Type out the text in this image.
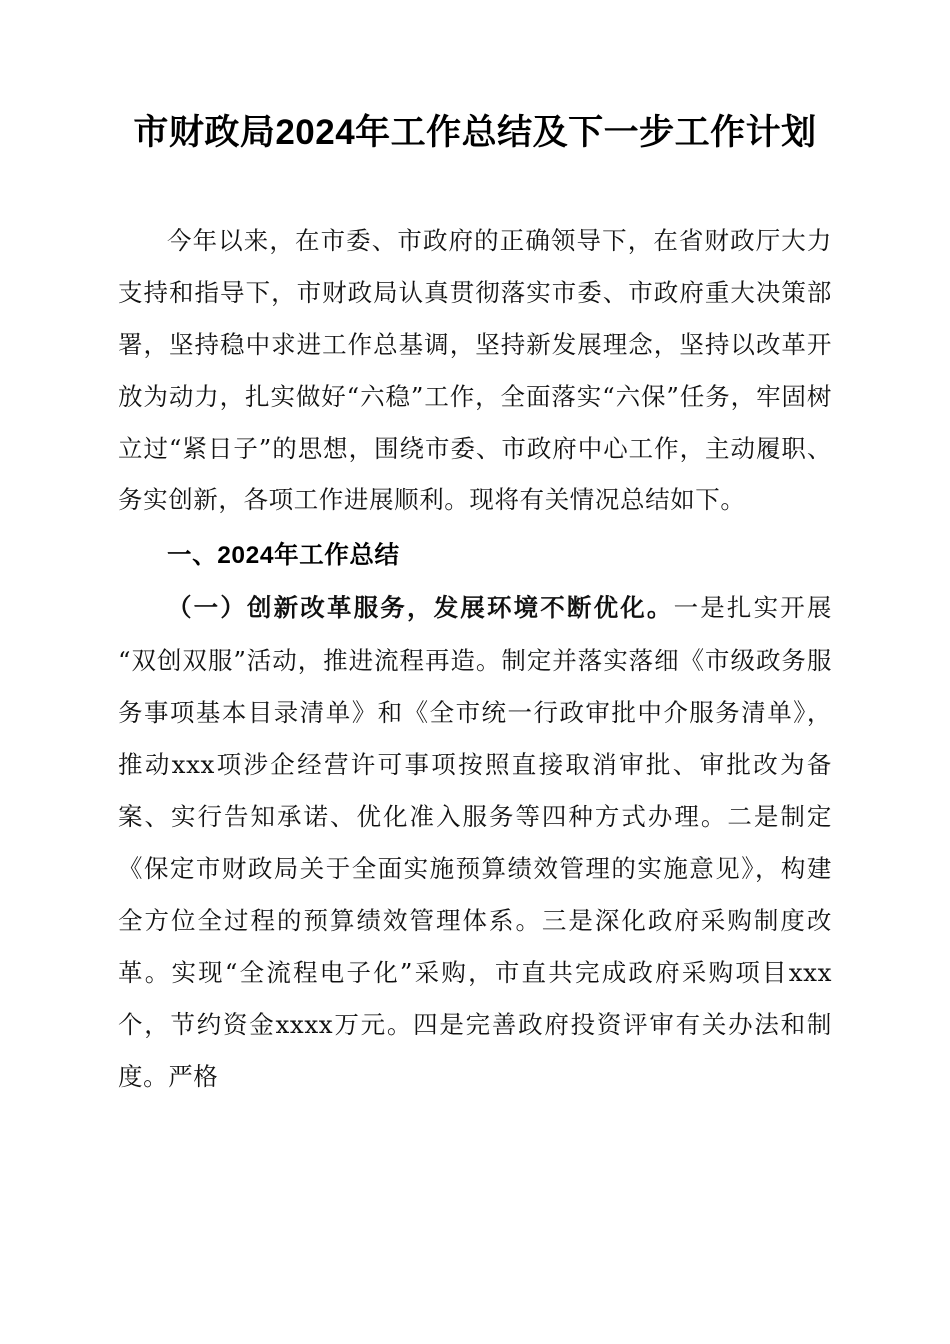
市财政局2024年工作总结及下一步工作计划

今年以来，在市委、市政府的正确领导下，在省财政厅大力支持和指导下，市财政局认真贯彻落实市委、市政府重大决策部署，坚持稳中求进工作总基调，坚持新发展理念，坚持以改革开放为动力，扎实做好“六稳”工作，全面落实“六保”任务，牢固树立过“紧日子”的思想，围绕市委、市政府中心工作，主动履职、务实创新，各项工作进展顺利。现将有关情况总结如下。

一、2024年工作总结

（一）创新改革服务，发展环境不断优化。一是扎实开展“双创双服”活动，推进流程再造。制定并落实落细《市级政务服务事项基本目录清单》和《全市统一行政审批中介服务清单》，推动xxx项涉企经营许可事项按照直接取消审批、审批改为备案、实行告知承诺、优化准入服务等四种方式办理。二是制定《保定市财政局关于全面实施预算绩效管理的实施意见》，构建全方位全过程的预算绩效管理体系。三是深化政府采购制度改革。实现“全流程电子化”采购，市直共完成政府采购项目xxx个，节约资金xxxx万元。四是完善政府投资评审有关办法和制度。严格
